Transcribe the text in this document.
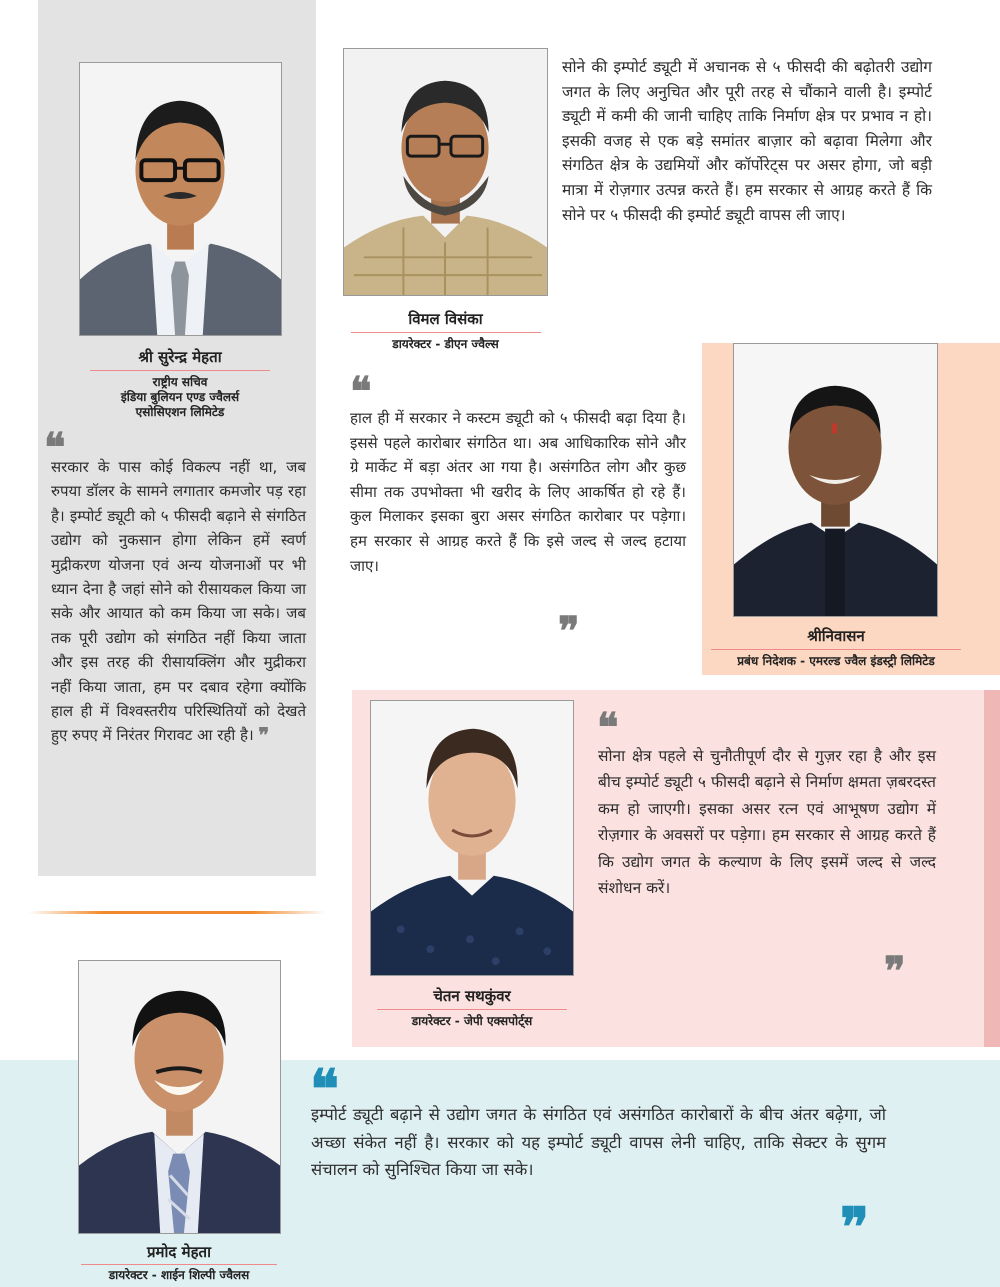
श्री सुरेन्द्र मेहता
राष्ट्रीय सचिव
इंडिया बुलियन एण्ड ज्वैलर्स
एसोसिएशन लिमिटेड
❝
सरकार के पास कोई विकल्प नहीं था, जब रुपया डॉलर के सामने लगातार कमजोर पड़ रहा है। इम्पोर्ट ड्यूटी को ५ फीसदी बढ़ाने से संगठित उद्योग को नुकसान होगा लेकिन हमें स्वर्ण मुद्रीकरण योजना एवं अन्य योजनाओं पर भी ध्यान देना है जहां सोने को रीसायकल किया जा सके और आयात को कम किया जा सके। जब तक पूरी उद्योग को संगठित नहीं किया जाता और इस तरह की रीसायक्लिंग और मुद्रीकरा नहीं किया जाता, हम पर दबाव रहेगा क्योंकि हाल ही में विश्वस्तरीय परिस्थितियों को देखते हुए रुपए में निरंतर गिरावट आ रही है। ❞
विमल विसंका
डायरेक्टर - डीएन ज्वैल्स
सोने की इम्पोर्ट ड्यूटी में अचानक से ५ फीसदी की बढ़ोतरी उद्योग जगत के लिए अनुचित और पूरी तरह से चौंकाने वाली है। इम्पोर्ट ड्यूटी में कमी की जानी चाहिए ताकि निर्माण क्षेत्र पर प्रभाव न हो। इसकी वजह से एक बड़े समांतर बाज़ार को बढ़ावा मिलेगा और संगठित क्षेत्र के उद्यमियों और कॉर्पोरेट्स पर असर होगा, जो बड़ी मात्रा में रोज़गार उत्पन्न करते हैं। हम सरकार से आग्रह करते हैं कि सोने पर ५ फीसदी की इम्पोर्ट ड्यूटी वापस ली जाए।
❝
हाल ही में सरकार ने कस्टम ड्यूटी को ५ फीसदी बढ़ा दिया है। इससे पहले कारोबार संगठित था। अब आधिकारिक सोने और ग्रे मार्केट में बड़ा अंतर आ गया है। असंगठित लोग और कुछ सीमा तक उपभोक्ता भी खरीद के लिए आकर्षित हो रहे हैं। कुल मिलाकर इसका बुरा असर संगठित कारोबार पर पड़ेगा। हम सरकार से आग्रह करते हैं कि इसे जल्द से जल्द हटाया जाए।
❞	श्रीनिवासन
प्रबंध निदेशक - एमरल्ड ज्वैल इंडस्ट्री लिमिटेड
चेतन सथकुंवर
डायरेक्टर - जेपी एक्सपोर्ट्स
❝
सोना क्षेत्र पहले से चुनौतीपूर्ण दौर से गुज़र रहा है और इस बीच इम्पोर्ट ड्यूटी ५ फीसदी बढ़ाने से निर्माण क्षमता ज़बरदस्त कम हो जाएगी। इसका असर रत्न एवं आभूषण उद्योग में रोज़गार के अवसरों पर पड़ेगा। हम सरकार से आग्रह करते हैं कि उद्योग जगत के कल्याण के लिए इसमें जल्द से जल्द संशोधन करें।
❞
प्रमोद मेहता
डायरेक्टर - शाईन शिल्पी ज्वैलस
❝
इम्पोर्ट ड्यूटी बढ़ाने से उद्योग जगत के संगठित एवं असंगठित कारोबारों के बीच अंतर बढ़ेगा, जो अच्छा संकेत नहीं है। सरकार को यह इम्पोर्ट ड्यूटी वापस लेनी चाहिए, ताकि सेक्टर के सुगम संचालन को सुनिश्चित किया जा सके।
❞
